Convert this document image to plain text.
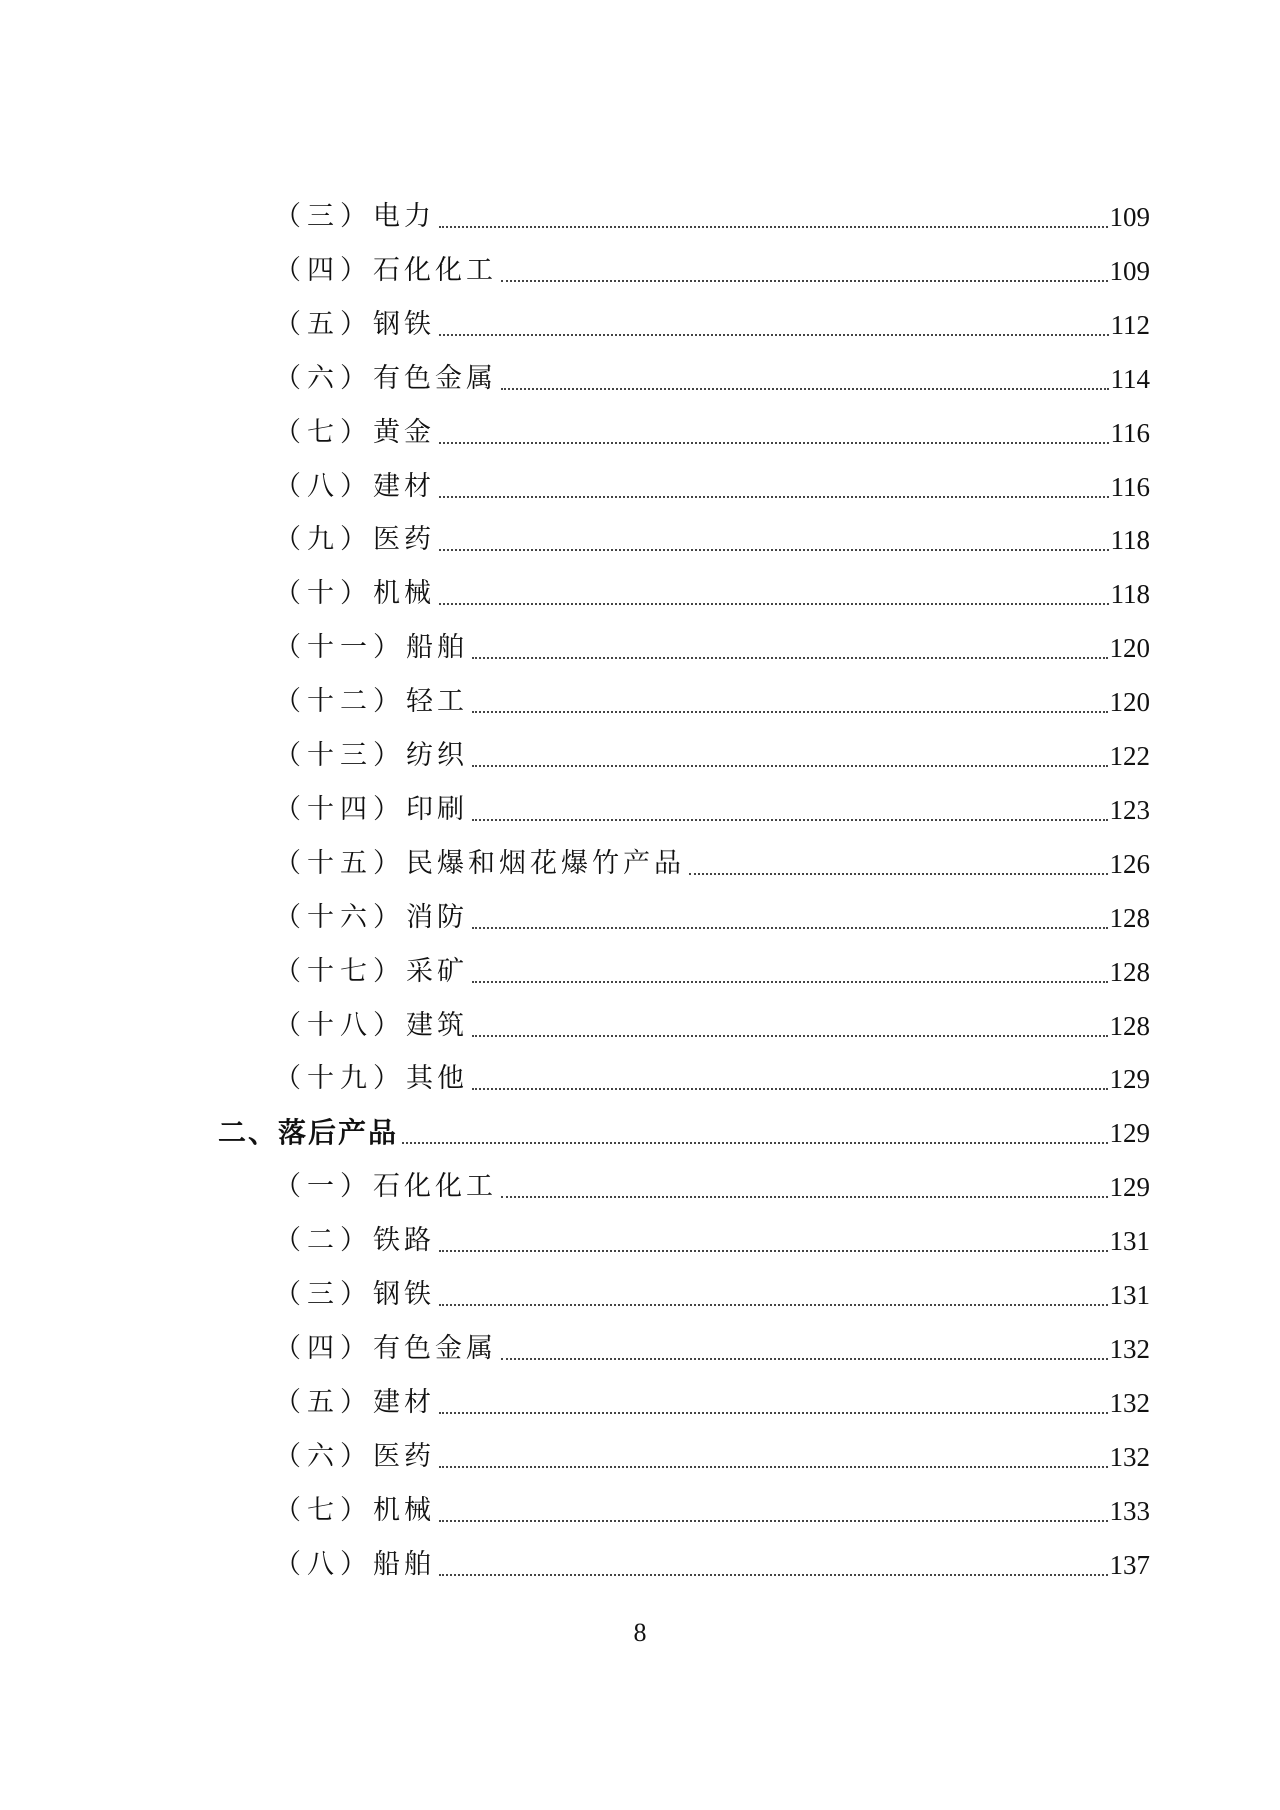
（三） 电力	109
（四） 石化化工	109
（五） 钢铁	112
（六） 有色金属	114
（七） 黄金	116
（八） 建材	116
（九） 医药	118
（十） 机械	118
（十一） 船舶	120
（十二） 轻工	120
（十三） 纺织	122
（十四） 印刷	123
（十五） 民爆和烟花爆竹产品	126
（十六） 消防	128
（十七） 采矿	128
（十八） 建筑	128
（十九） 其他	129
二、落后产品	129
（一） 石化化工	129
（二） 铁路	131
（三） 钢铁	131
（四） 有色金属	132
（五） 建材	132
（六） 医药	132
（七） 机械	133
（八） 船舶	137
8
